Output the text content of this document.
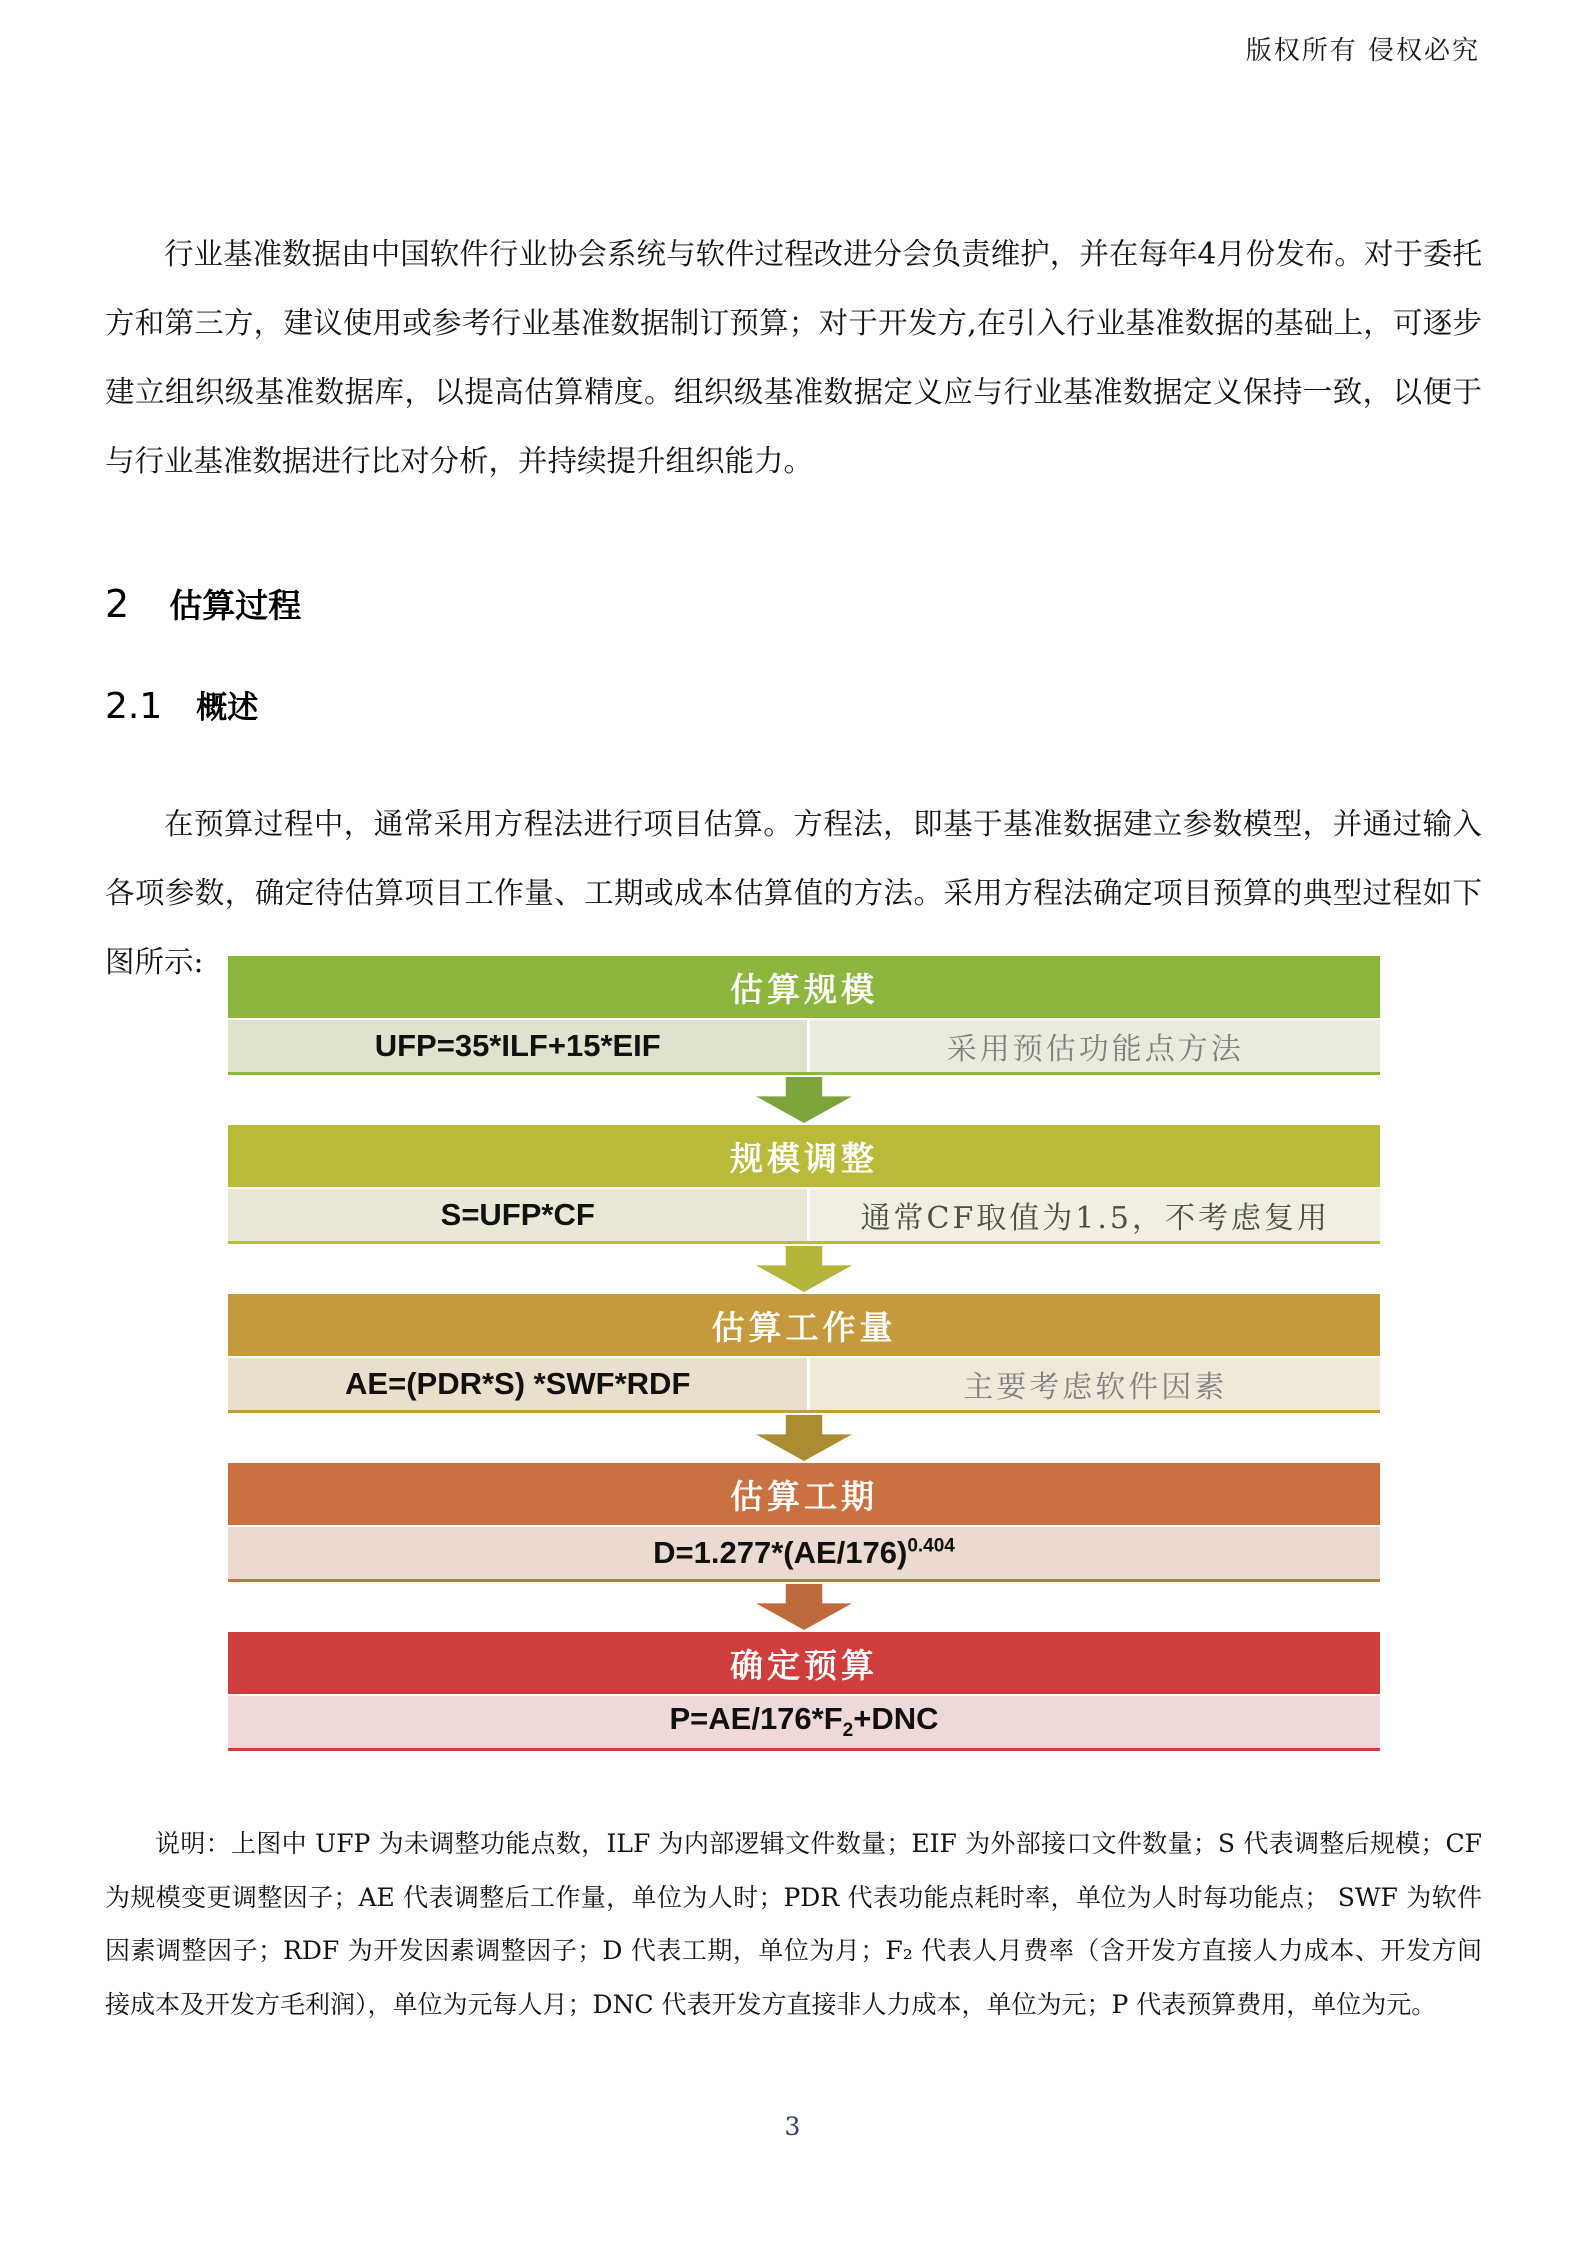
版权所有 侵权必究

行业基准数据由中国软件行业协会系统与软件过程改进分会负责维护，并在每年4月份发布。对于委托方和第三方，建议使用或参考行业基准数据制订预算；对于开发方,在引入行业基准数据的基础上，可逐步建立组织级基准数据库，以提高估算精度。组织级基准数据定义应与行业基准数据定义保持一致，以便于与行业基准数据进行比对分析，并持续提升组织能力。

2 估算过程
2.1 概述

在预算过程中，通常采用方程法进行项目估算。方程法，即基于基准数据建立参数模型，并通过输入各项参数，确定待估算项目工作量、工期或成本估算值的方法。采用方程法确定项目预算的典型过程如下图所示:

估算规模
UFP=35*ILF+15*EIF	采用预估功能点方法
规模调整
S=UFP*CF	通常CF取值为1.5，不考虑复用
估算工作量
AE=(PDR*S) *SWF*RDF	主要考虑软件因素
估算工期
$D=1.277*(AE/176)^{0.404}$
确定预算
$P=AE/176*F_2+DNC$

说明：上图中 UFP 为未调整功能点数，ILF 为内部逻辑文件数量；EIF 为外部接口文件数量；S 代表调整后规模；CF 为规模变更调整因子；AE 代表调整后工作量，单位为人时；PDR 代表功能点耗时率，单位为人时每功能点； SWF 为软件因素调整因子；RDF 为开发因素调整因子；D 代表工期，单位为月；F₂ 代表人月费率（含开发方直接人力成本、开发方间接成本及开发方毛利润），单位为元每人月；DNC 代表开发方直接非人力成本，单位为元；P 代表预算费用，单位为元。

3
